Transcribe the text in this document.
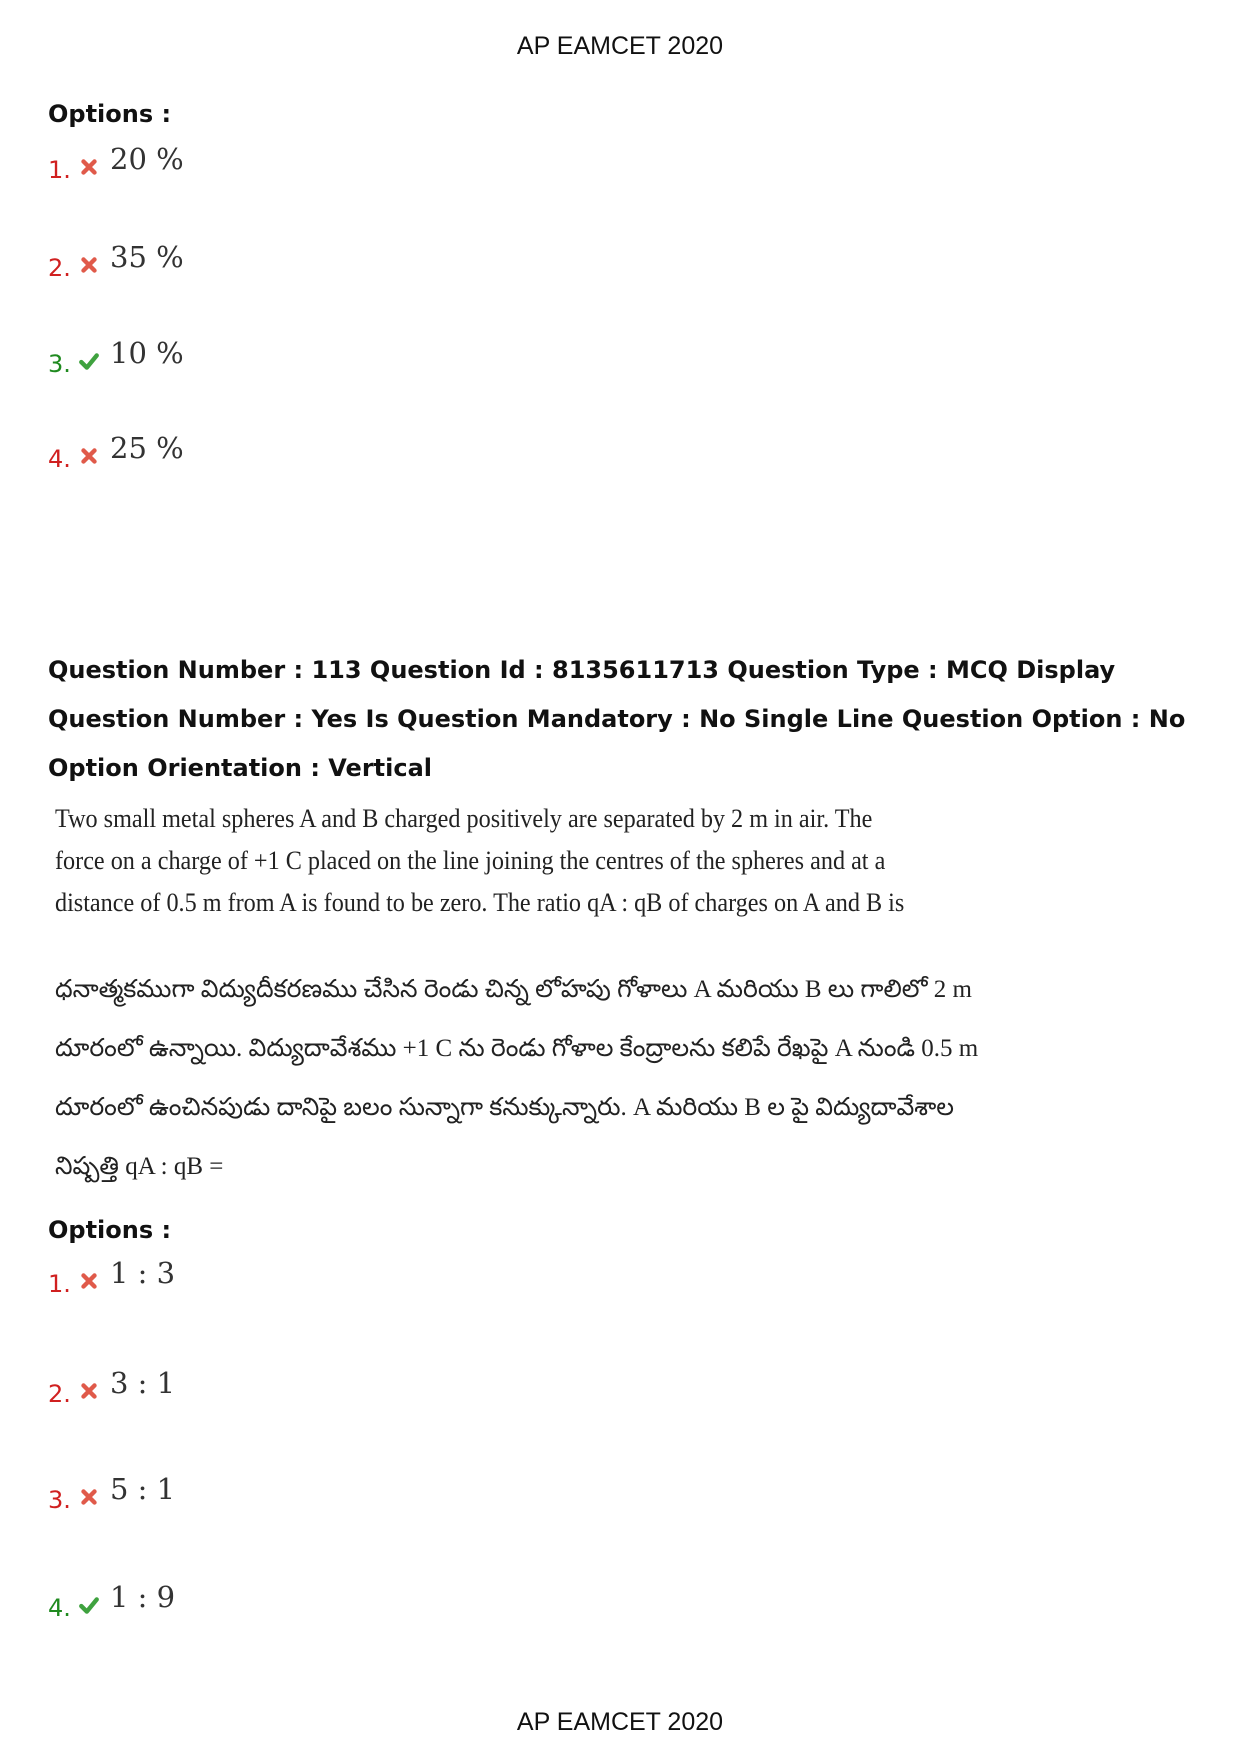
AP EAMCET 2020
Options :
1. 20 %
2. 35 %
3. 10 %
4. 25 %
Question Number : 113 Question Id : 8135611713 Question Type : MCQ Display Question Number : Yes Is Question Mandatory : No Single Line Question Option : No Option Orientation : Vertical
Two small metal spheres A and B charged positively are separated by 2 m in air. The
force on a charge of +1 C placed on the line joining the centres of the spheres and at a
distance of 0.5 m from A is found to be zero. The ratio qA : qB of charges on A and B is
ధనాత్మకముగా విద్యుదీకరణము చేసిన రెండు చిన్న లోహపు గోళాలు A మరియు B లు గాలిలో 2 m
దూరంలో ఉన్నాయి. విద్యుదావేశము +1 C ను రెండు గోళాల కేంద్రాలను కలిపే రేఖపై A నుండి 0.5 m
దూరంలో ఉంచినపుడు దానిపై బలం సున్నాగా కనుక్కున్నారు. A మరియు B ల పై విద్యుదావేశాల
నిష్పత్తి qA : qB =
Options :
1. 1 : 3
2. 3 : 1
3. 5 : 1
4. 1 : 9
AP EAMCET 2020
